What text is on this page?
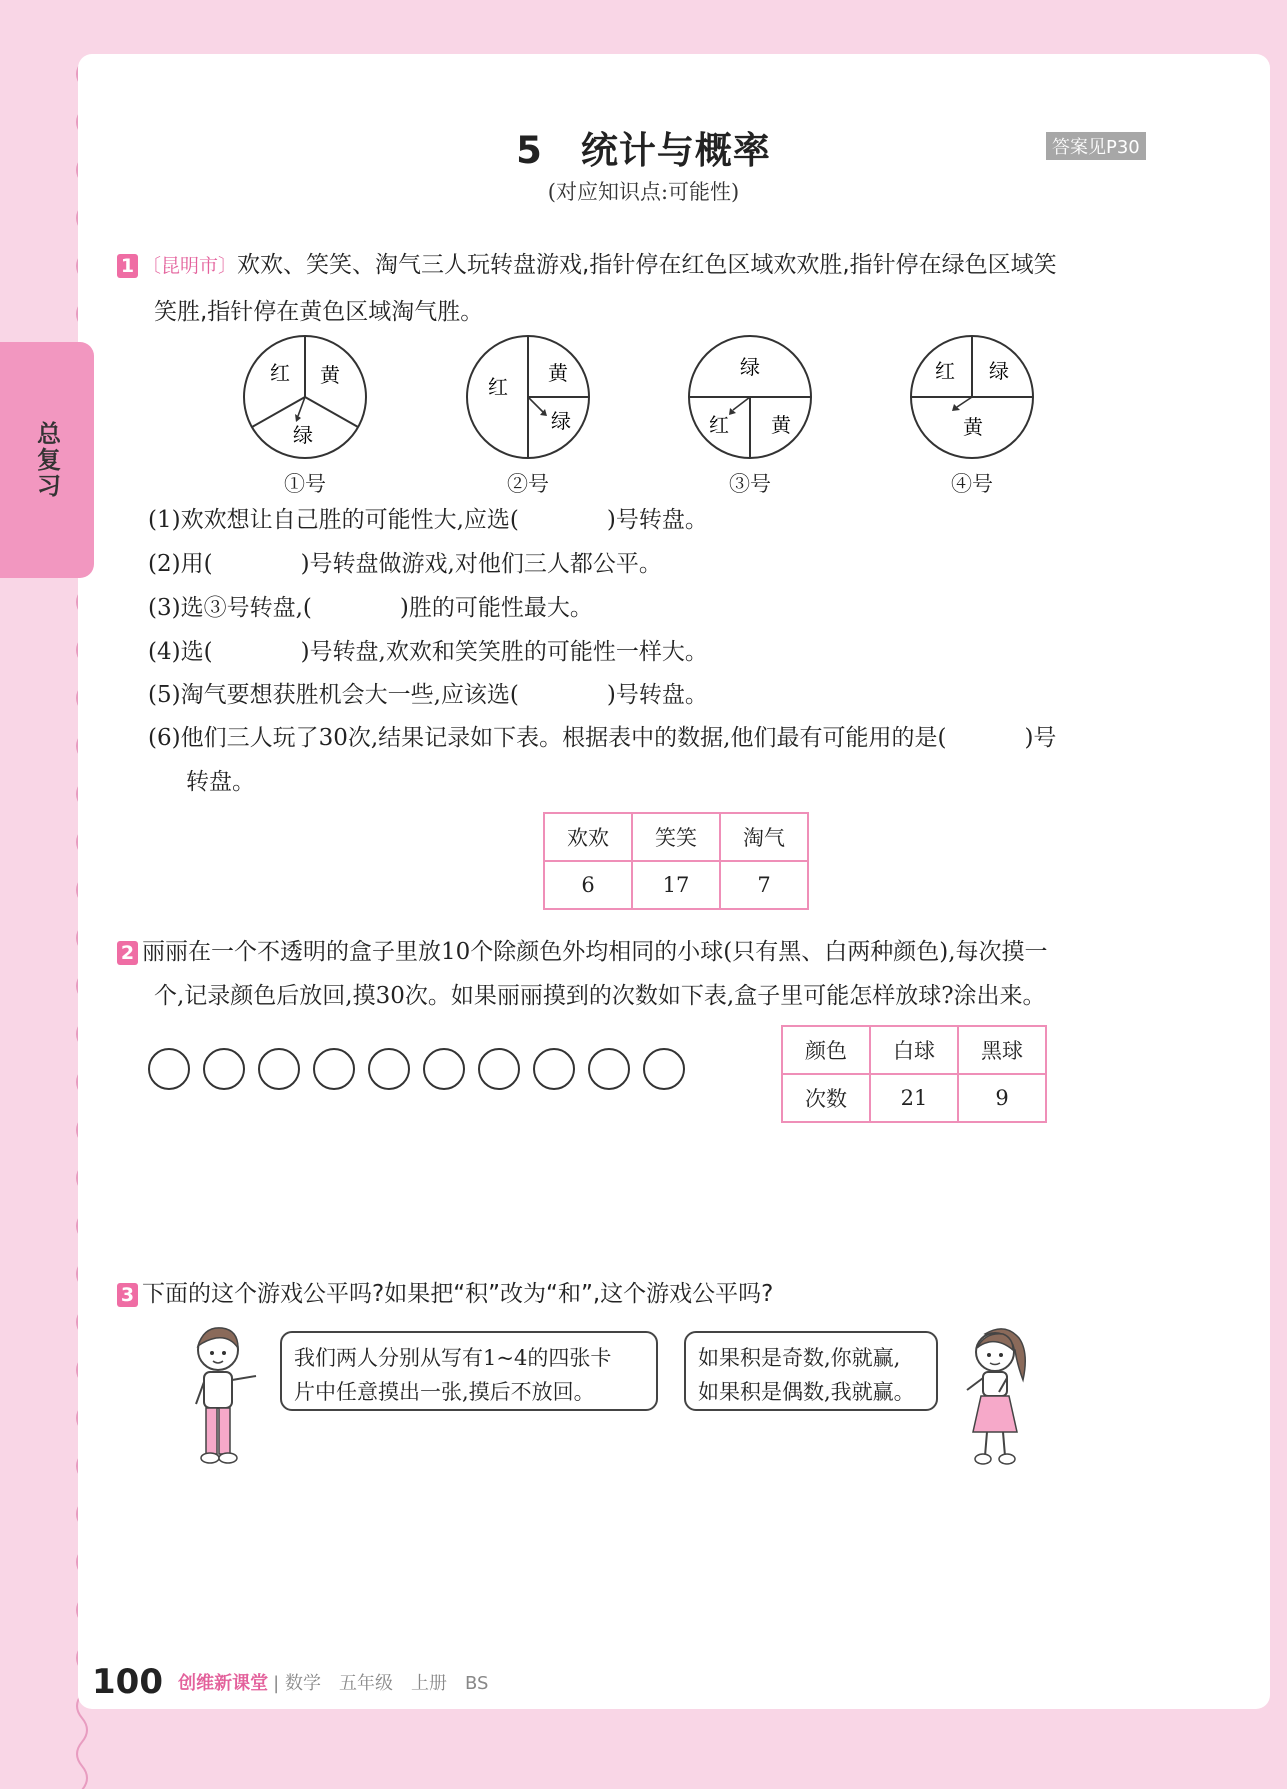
总复习
5　统计与概率
(对应知识点:可能性)
答案见P30
1 〔昆明市〕欢欢、笑笑、淘气三人玩转盘游戏,指针停在红色区域欢欢胜,指针停在绿色区域笑
笑胜,指针停在黄色区域淘气胜。
红 黄
绿
①号
红
黄
绿
②号
绿
红 黄
③号
红 绿
黄
④号
(1)欢欢想让自己胜的可能性大,应选(	)号转盘。
(2)用(	)号转盘做游戏,对他们三人都公平。
(3)选③号转盘,(	)胜的可能性最大。
(4)选(	)号转盘,欢欢和笑笑胜的可能性一样大。
(5)淘气要想获胜机会大一些,应该选(	)号转盘。
(6)他们三人玩了30次,结果记录如下表。根据表中的数据,他们最有可能用的是(	)号
转盘。
欢欢	笑笑	淘气
6	17	7
2 丽丽在一个不透明的盒子里放10个除颜色外均相同的小球(只有黑、白两种颜色),每次摸一
个,记录颜色后放回,摸30次。如果丽丽摸到的次数如下表,盒子里可能怎样放球?涂出来。
颜色	白球	黑球
次数	21	9
3 下面的这个游戏公平吗?如果把“积”改为“和”,这个游戏公平吗?
我们两人分别从写有1~4的四张卡
片中任意摸出一张,摸后不放回。
如果积是奇数,你就赢,
如果积是偶数,我就赢。
100 创维新课堂 | 数学　五年级　上册　BS
